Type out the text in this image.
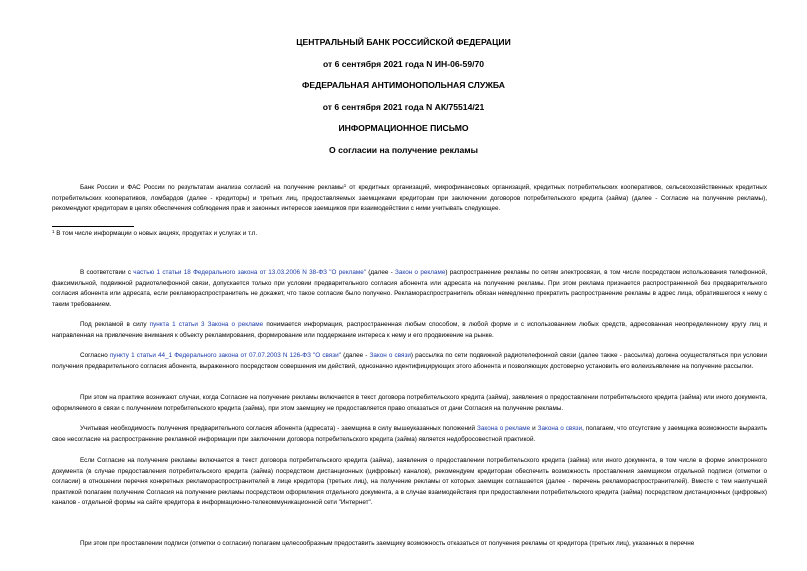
ЦЕНТРАЛЬНЫЙ БАНК РОССИЙСКОЙ ФЕДЕРАЦИИ
от 6 сентября 2021 года N ИН-06-59/70
ФЕДЕРАЛЬНАЯ АНТИМОНОПОЛЬНАЯ СЛУЖБА
от 6 сентября 2021 года N АК/75514/21
ИНФОРМАЦИОННОЕ ПИСЬМО
О согласии на получение рекламы

Банк России и ФАС России по результатам анализа согласий на получение рекламы$^1$ от кредитных организаций, микрофинансовых организаций, кредитных потребительских кооперативов, сельскохозяйственных кредитных потребительских кооперативов, ломбардов (далее - кредиторы) и третьих лиц, предоставляемых заемщиками кредиторам при заключении договоров потребительского кредита (займа) (далее - Согласие на получение рекламы), рекомендуют кредиторам в целях обеспечения соблюдения прав и законных интересов заемщиков при взаимодействии с ними учитывать следующее.

$^1$ В том числе информации о новых акциях, продуктах и услугах и т.п.

В соответствии с частью 1 статьи 18 Федерального закона от 13.03.2006 N 38-ФЗ "О рекламе" (далее - Закон о рекламе) распространение рекламы по сетям электросвязи, в том числе посредством использования телефонной, факсимильной, подвижной радиотелефонной связи, допускается только при условии предварительного согласия абонента или адресата на получение рекламы. При этом реклама признается распространенной без предварительного согласия абонента или адресата, если рекламораспространитель не докажет, что такое согласие было получено. Рекламораспространитель обязан немедленно прекратить распространение рекламы в адрес лица, обратившегося к нему с таким требованием.

Под рекламой в силу пункта 1 статьи 3 Закона о рекламе понимается информация, распространенная любым способом, в любой форме и с использованием любых средств, адресованная неопределенному кругу лиц и направленная на привлечение внимания к объекту рекламирования, формирование или поддержание интереса к нему и его продвижение на рынке.

Согласно пункту 1 статьи 44_1 Федерального закона от 07.07.2003 N 126-ФЗ "О связи" (далее - Закон о связи) рассылка по сети подвижной радиотелефонной связи (далее также - рассылка) должна осуществляться при условии получения предварительного согласия абонента, выраженного посредством совершения им действий, однозначно идентифицирующих этого абонента и позволяющих достоверно установить его волеизъявление на получение рассылки.

При этом на практике возникают случаи, когда Согласие на получение рекламы включается в текст договора потребительского кредита (займа), заявления о предоставлении потребительского кредита (займа) или иного документа, оформляемого в связи с получением потребительского кредита (займа), при этом заемщику не предоставляется право отказаться от дачи Согласия на получение рекламы.

Учитывая необходимость получения предварительного согласия абонента (адресата) - заемщика в силу вышеуказанных положений Закона о рекламе и Закона о связи, полагаем, что отсутствие у заемщика возможности выразить свое несогласие на распространение рекламной информации при заключении договора потребительского кредита (займа) является недобросовестной практикой.

Если Согласие на получение рекламы включается в текст договора потребительского кредита (займа), заявления о предоставлении потребительского кредита (займа) или иного документа, в том числе в форме электронного документа (в случае предоставления потребительского кредита (займа) посредством дистанционных (цифровых) каналов), рекомендуем кредиторам обеспечить возможность проставления заемщиком отдельной подписи (отметки о согласии) в отношении перечня конкретных рекламораспространителей в лице кредитора (третьих лиц), на получение рекламы от которых заемщик соглашается (далее - перечень рекламораспространителей). Вместе с тем наилучшей практикой полагаем получение Согласия на получение рекламы посредством оформления отдельного документа, а в случае взаимодействия при предоставлении потребительского кредита (займа) посредством дистанционных (цифровых) каналов - отдельной формы на сайте кредитора в информационно-телекоммуникационной сети "Интернет".

При этом при проставлении подписи (отметки о согласии) полагаем целесообразным предоставить заемщику возможность отказаться от получения рекламы от кредитора (третьих лиц), указанных в перечне
